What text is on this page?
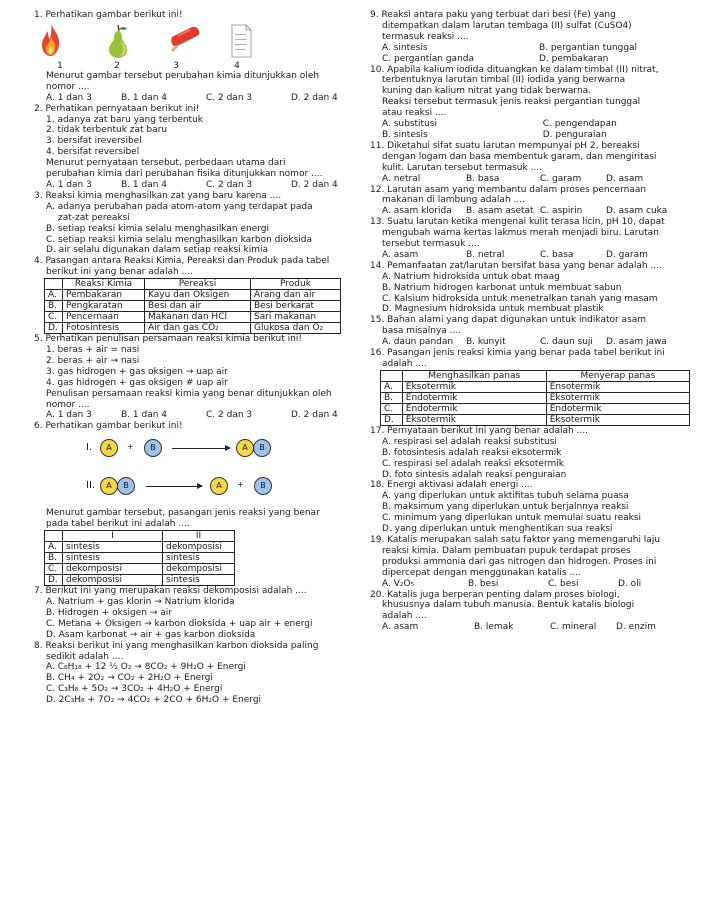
1. Perhatikan gambar berikut ini!
1	2	3	4
Menurut gambar tersebut perubahan kimia ditunjukkan oleh
nomor ....
A. 1 dan 3	B. 1 dan 4	C. 2 dan 3	D. 2 dan 4
2. Perhatikan pernyataan berikut ini!
1. adanya zat baru yang terbentuk
2. tidak terbentuk zat baru
3. bersifat ireversibel
4. bersifat reversibel
Menurut pernyataan tersebut, perbedaan utama dari
perubahan kimia dari perubahan fisika ditunjukkan nomor ....
A. 1 dan 3	B. 1 dan 4	C. 2 dan 3	D. 2 dan 4
3. Reaksi kimia menghasilkan zat yang baru karena ....
A. adanya perubahan pada atom-atom yang terdapat pada
zat-zat pereaksi
B. setiap reaksi kimia selalu menghasilkan energi
C. setiap reaksi kimia selalu menghasilkan karbon dioksida
D. air selalu digunakan dalam setiap reaksi kimia
4. Pasangan antara Reaksi Kimia, Pereaksi dan Produk pada tabel
berikut ini yang benar adalah ....
	Reaksi Kimia	Pereaksi	Produk
A.	Pembakaran	Kayu dan Oksigen	Arang dan air
B.	Pengkaratan	Besi dan air	Besi berkarat
C.	Pencernaan	Makanan dan HCl	Sari makanan
D.	Fotosintesis	Air dan gas CO₂	Glukosa dan O₂
5. Perhatikan penulisan persamaan reaksi kimia berikut ini!
1. beras + air = nasi
2. beras + air → nasi
3. gas hidrogen + gas oksigen → uap air
4. gas hidrogen + gas oksigen # uap air
Penulisan persamaan reaksi kimia yang benar ditunjukkan oleh
nomor ....
A. 1 dan 3	B. 1 dan 4	C. 2 dan 3	D. 2 dan 4
6. Perhatikan gambar berikut ini!
I.	A	+	B	A	B
II.	A	B	A	+	B
Menurut gambar tersebut, pasangan jenis reaksi yang benar
pada tabel berikut ini adalah ....
	I	II
A.	sintesis	dekomposisi
B.	sintesis	sintesis
C.	dekomposisi	dekomposisi
D.	dekomposisi	sintesis
7. Berikut ini yang merupakan reaksi dekomposisi adalah ....
A. Natrium + gas klorin → Natrium klorida
B. Hidrogen + oksigen → air
C. Metana + Oksigen → karbon dioksida + uap air + energi
D. Asam karbonat → air + gas karbon dioksida
8. Reaksi berikut ini yang menghasilkan karbon dioksida paling
sedikit adalah ....
A. C₈H₁₈ + 12 ½ O₂ → 8CO₂ + 9H₂O + Energi
B. CH₄ + 2O₂ → CO₂ + 2H₂O + Energi
C. C₃H₈ + 5O₂ → 3CO₂ + 4H₂O + Energi
D. 2C₃H₈ + 7O₂ → 4CO₂ + 2CO + 6H₂O + Energi
9. Reaksi antara paku yang terbuat dari besi (Fe) yang
ditempatkan dalam larutan tembaga (II) sulfat (CuSO4)
termasuk reaksi ....
A. sintesis	B. pergantian tunggal
C. pergantian ganda	D. pembakaran
10. Apabila kalium iodida dituangkan ke dalam timbal (II) nitrat,
terbentuknya larutan timbal (II) iodida yang berwarna
kuning dan kalium nitrat yang tidak berwarna.
Reaksi tersebut termasuk jenis reaksi pergantian tunggal
atau reaksi ....
A. substitusi	C. pengendapan
B. sintesis	D. penguraian
11. Diketahui sifat suatu larutan mempunyai pH 2, bereaksi
dengan logam dan basa membentuk garam, dan mengiritasi
kulit. Larutan tersebut termasuk ....
A. netral	B. basa	C. garam	D. asam
12. Larutan asam yang membantu dalam proses pencernaan
makanan di lambung adalah ....
A. asam klorida	B. asam asetat C. aspirin	D. asam cuka
13. Suatu larutan ketika mengenai kulit terasa licin, pH 10, dapat
mengubah warna kertas lakmus merah menjadi biru. Larutan
tersebut termasuk ....
A. asam	B. netral	C. basa	D. garam
14. Pemanfaatan zat/larutan bersifat basa yang benar adalah ....
A. Natrium hidroksida untuk obat maag
B. Natrium hidrogen karbonat untuk membuat sabun
C. Kalsium hidroksida untuk menetralkan tanah yang masam
D. Magnesium hidroksida untuk membuat plastik
15. Bahan alami yang dapat digunakan untuk indikator asam
basa misalnya ....
A. daun pandan	B. kunyit	C. daun suji	D. asam jawa
16. Pasangan jenis reaksi kimia yang benar pada tabel berikut ini
adalah ....
	Menghasilkan panas	Menyerap panas
A.	Eksotermik	Ensotermik
B.	Endotermik	Eksotermik
C.	Endotermik	Endotermik
D.	Eksotermik	Eksotermik
17. Pernyataan berikut ini yang benar adalah ....
A. respirasi sel adalah reaksi substitusi
B. fotosintesis adalah reaksi eksotermik
C. respirasi sel adalah reaksi eksotermik
D. foto sintesis adalah reaksi penguraian
18. Energi aktivasi adalah energi ....
A. yang diperlukan untuk aktifitas tubuh selama puasa
B. maksimum yang diperlukan untuk berjalnnya reaksi
C. minimum yang diperlukan untuk memulai suatu reaksi
D. yang diperlukan untuk menghentikan sua reaksi
19. Katalis merupakan salah satu faktor yang memengaruhi laju
reaksi kimia. Dalam pembuatan pupuk terdapat proses
produksi ammonia dari gas nitrogen dan hidrogen. Proses ini
dipercepat dengan menggunakan katalis ....
A. V₂O₅	B. besi	C. besi	D. oli
20. Katalis juga berperan penting dalam proses biologi,
khususnya dalam tubuh manusia. Bentuk katalis biologi
adalah ....
A. asam	B. lemak	C. mineral	D. enzim
